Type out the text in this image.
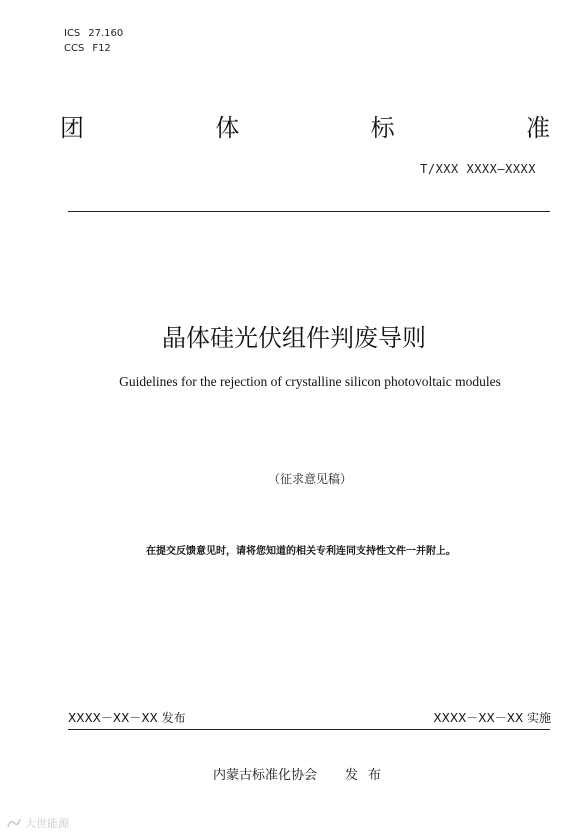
ICS 27.160
CCS F12
团	体	标	准
T/XXX XXXX—XXXX
晶体硅光伏组件判废导则
Guidelines for the rejection of crystalline silicon photovoltaic modules
（征求意见稿）
在提交反馈意见时，请将您知道的相关专利连同支持性文件一并附上。
XXXX－XX－XX 发布	XXXX－XX－XX 实施
内蒙古标准化协会 发布
大世能源
